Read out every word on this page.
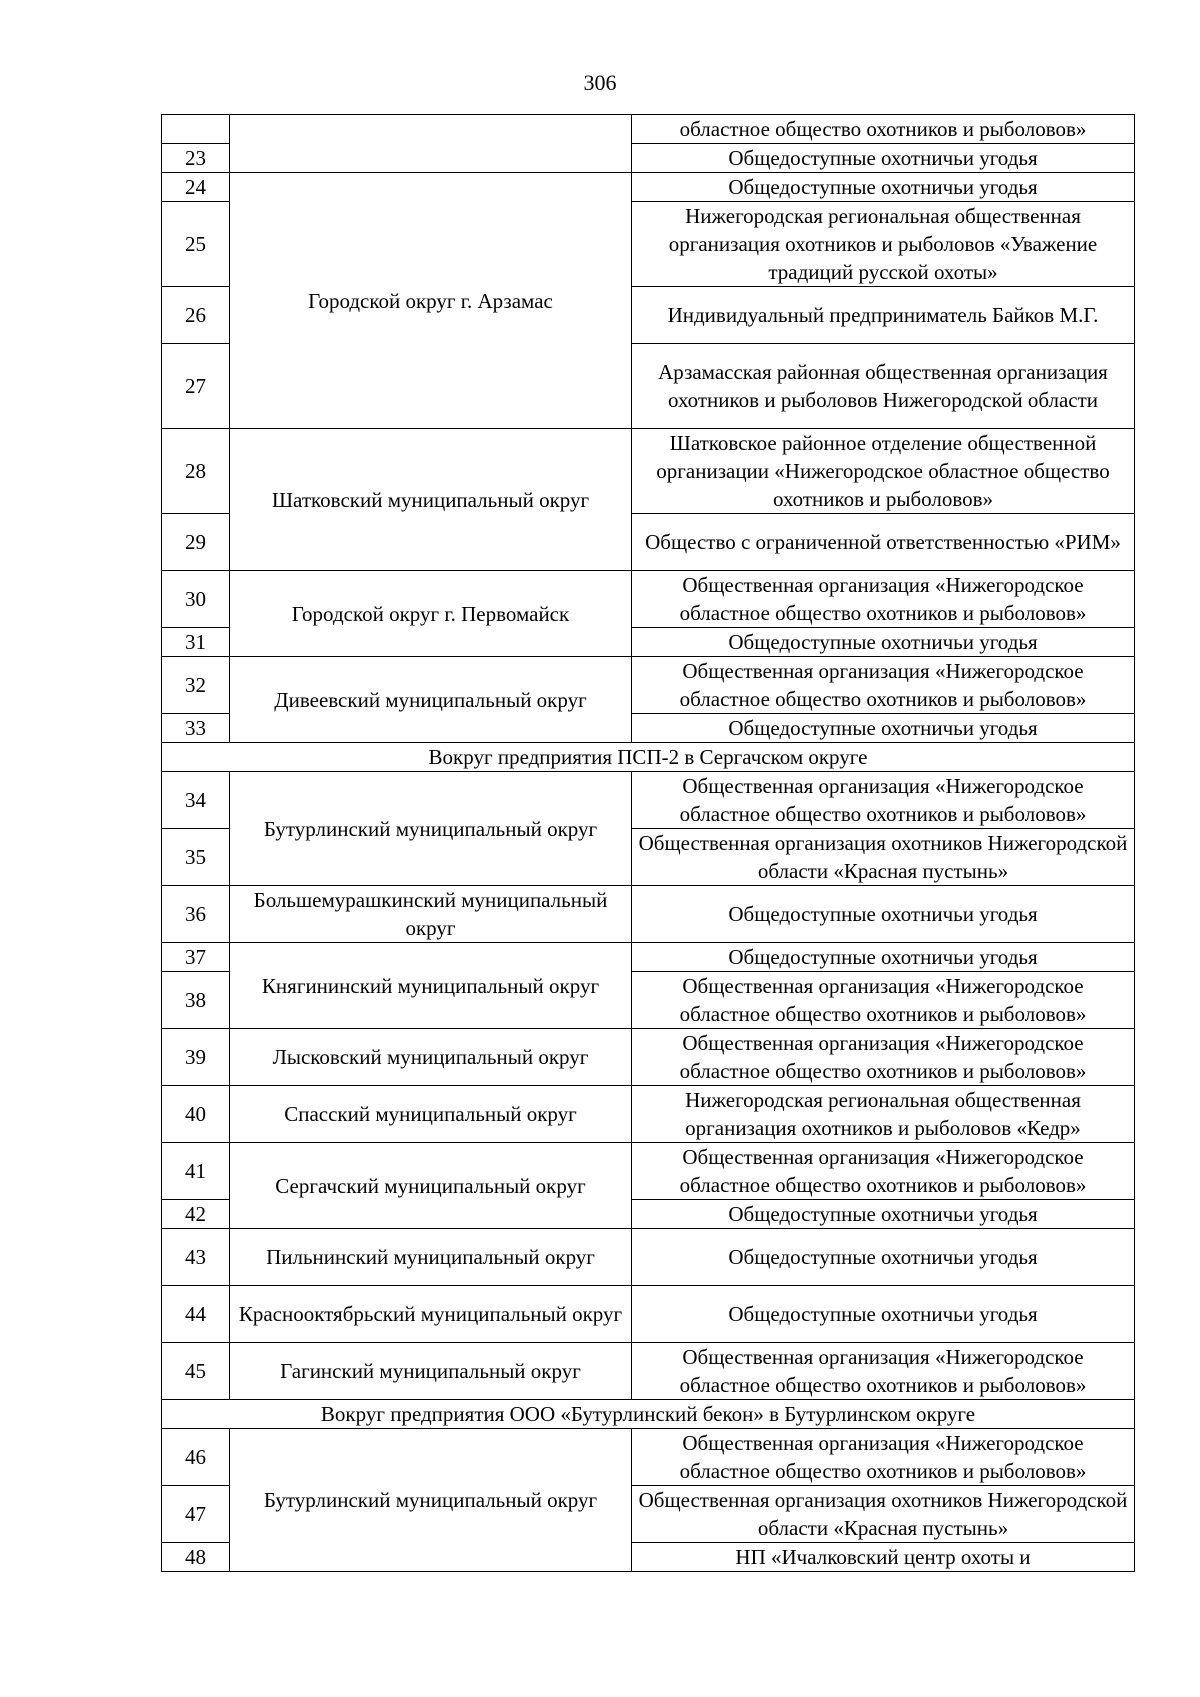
306
		областное общество охотников и рыболовов»
23		Общедоступные охотничьи угодья
24	Городской округ г. Арзамас	Общедоступные охотничьи угодья
25		Нижегородская региональная общественная организация охотников и рыболовов «Уважение традиций русской охоты»
26		Индивидуальный предприниматель Байков М.Г.
27		Арзамасская районная общественная организация охотников и рыболовов Нижегородской области
28	Шатковский муниципальный округ	Шатковское районное отделение общественной организации «Нижегородское областное общество охотников и рыболовов»
29		Общество с ограниченной ответственностью «РИМ»
30	Городской округ г. Первомайск	Общественная организация «Нижегородское областное общество охотников и рыболовов»
31		Общедоступные охотничьи угодья
32	Дивеевский муниципальный округ	Общественная организация «Нижегородское областное общество охотников и рыболовов»
33		Общедоступные охотничьи угодья
Вокруг предприятия ПСП-2 в Сергачском округе		
34	Бутурлинский муниципальный округ	Общественная организация «Нижегородское областное общество охотников и рыболовов»
35		Общественная организация охотников Нижегородской области «Красная пустынь»
36	Большемурашкинский муниципальный округ	Общедоступные охотничьи угодья
37	Княгининский муниципальный округ	Общедоступные охотничьи угодья
38		Общественная организация «Нижегородское областное общество охотников и рыболовов»
39	Лысковский муниципальный округ	Общественная организация «Нижегородское областное общество охотников и рыболовов»
40	Спасский муниципальный округ	Нижегородская региональная общественная организация охотников и рыболовов «Кедр»
41	Сергачский муниципальный округ	Общественная организация «Нижегородское областное общество охотников и рыболовов»
42		Общедоступные охотничьи угодья
43	Пильнинский муниципальный округ	Общедоступные охотничьи угодья
44	Краснооктябрьский муниципальный округ	Общедоступные охотничьи угодья
45	Гагинский муниципальный округ	Общественная организация «Нижегородское областное общество охотников и рыболовов»
Вокруг предприятия ООО «Бутурлинский бекон» в Бутурлинском округе		
46	Бутурлинский муниципальный округ	Общественная организация «Нижегородское областное общество охотников и рыболовов»
47		Общественная организация охотников Нижегородской области «Красная пустынь»
48		НП «Ичалковский центр охоты и
